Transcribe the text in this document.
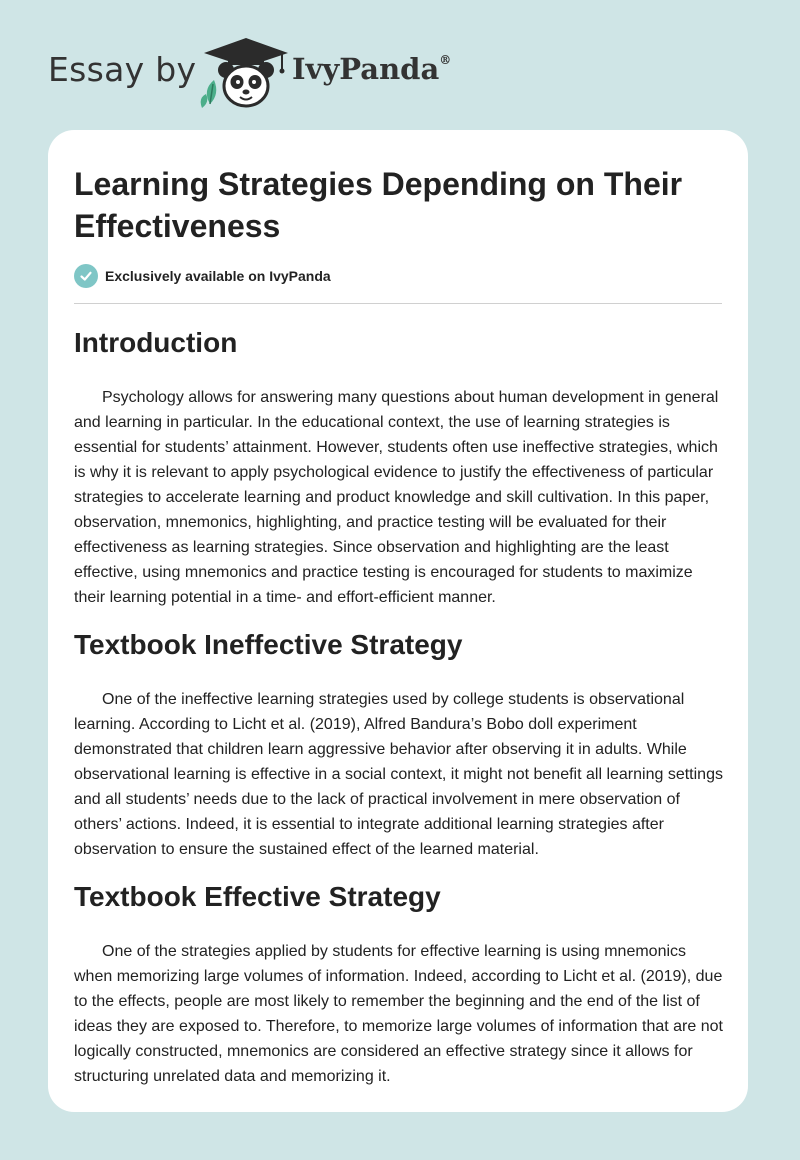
Essay by	IvyPanda®
Learning Strategies Depending on Their Effectiveness
Exclusively available on IvyPanda
Introduction

Psychology allows for answering many questions about human development in general and learning in particular. In the educational context, the use of learning strategies is essential for students’ attainment. However, students often use ineffective strategies, which is why it is relevant to apply psychological evidence to justify the effectiveness of particular strategies to accelerate learning and product knowledge and skill cultivation. In this paper, observation, mnemonics, highlighting, and practice testing will be evaluated for their effectiveness as learning strategies. Since observation and highlighting are the least effective, using mnemonics and practice testing is encouraged for students to maximize their learning potential in a time- and effort-efficient manner.

Textbook Ineffective Strategy

One of the ineffective learning strategies used by college students is observational learning. According to Licht et al. (2019), Alfred Bandura’s Bobo doll experiment demonstrated that children learn aggressive behavior after observing it in adults. While observational learning is effective in a social context, it might not benefit all learning settings and all students’ needs due to the lack of practical involvement in mere observation of others’ actions. Indeed, it is essential to integrate additional learning strategies after observation to ensure the sustained effect of the learned material.

Textbook Effective Strategy

One of the strategies applied by students for effective learning is using mnemonics when memorizing large volumes of information. Indeed, according to Licht et al. (2019), due to the effects, people are most likely to remember the beginning and the end of the list of ideas they are exposed to. Therefore, to memorize large volumes of information that are not logically constructed, mnemonics are considered an effective strategy since it allows for structuring unrelated data and memorizing it.
